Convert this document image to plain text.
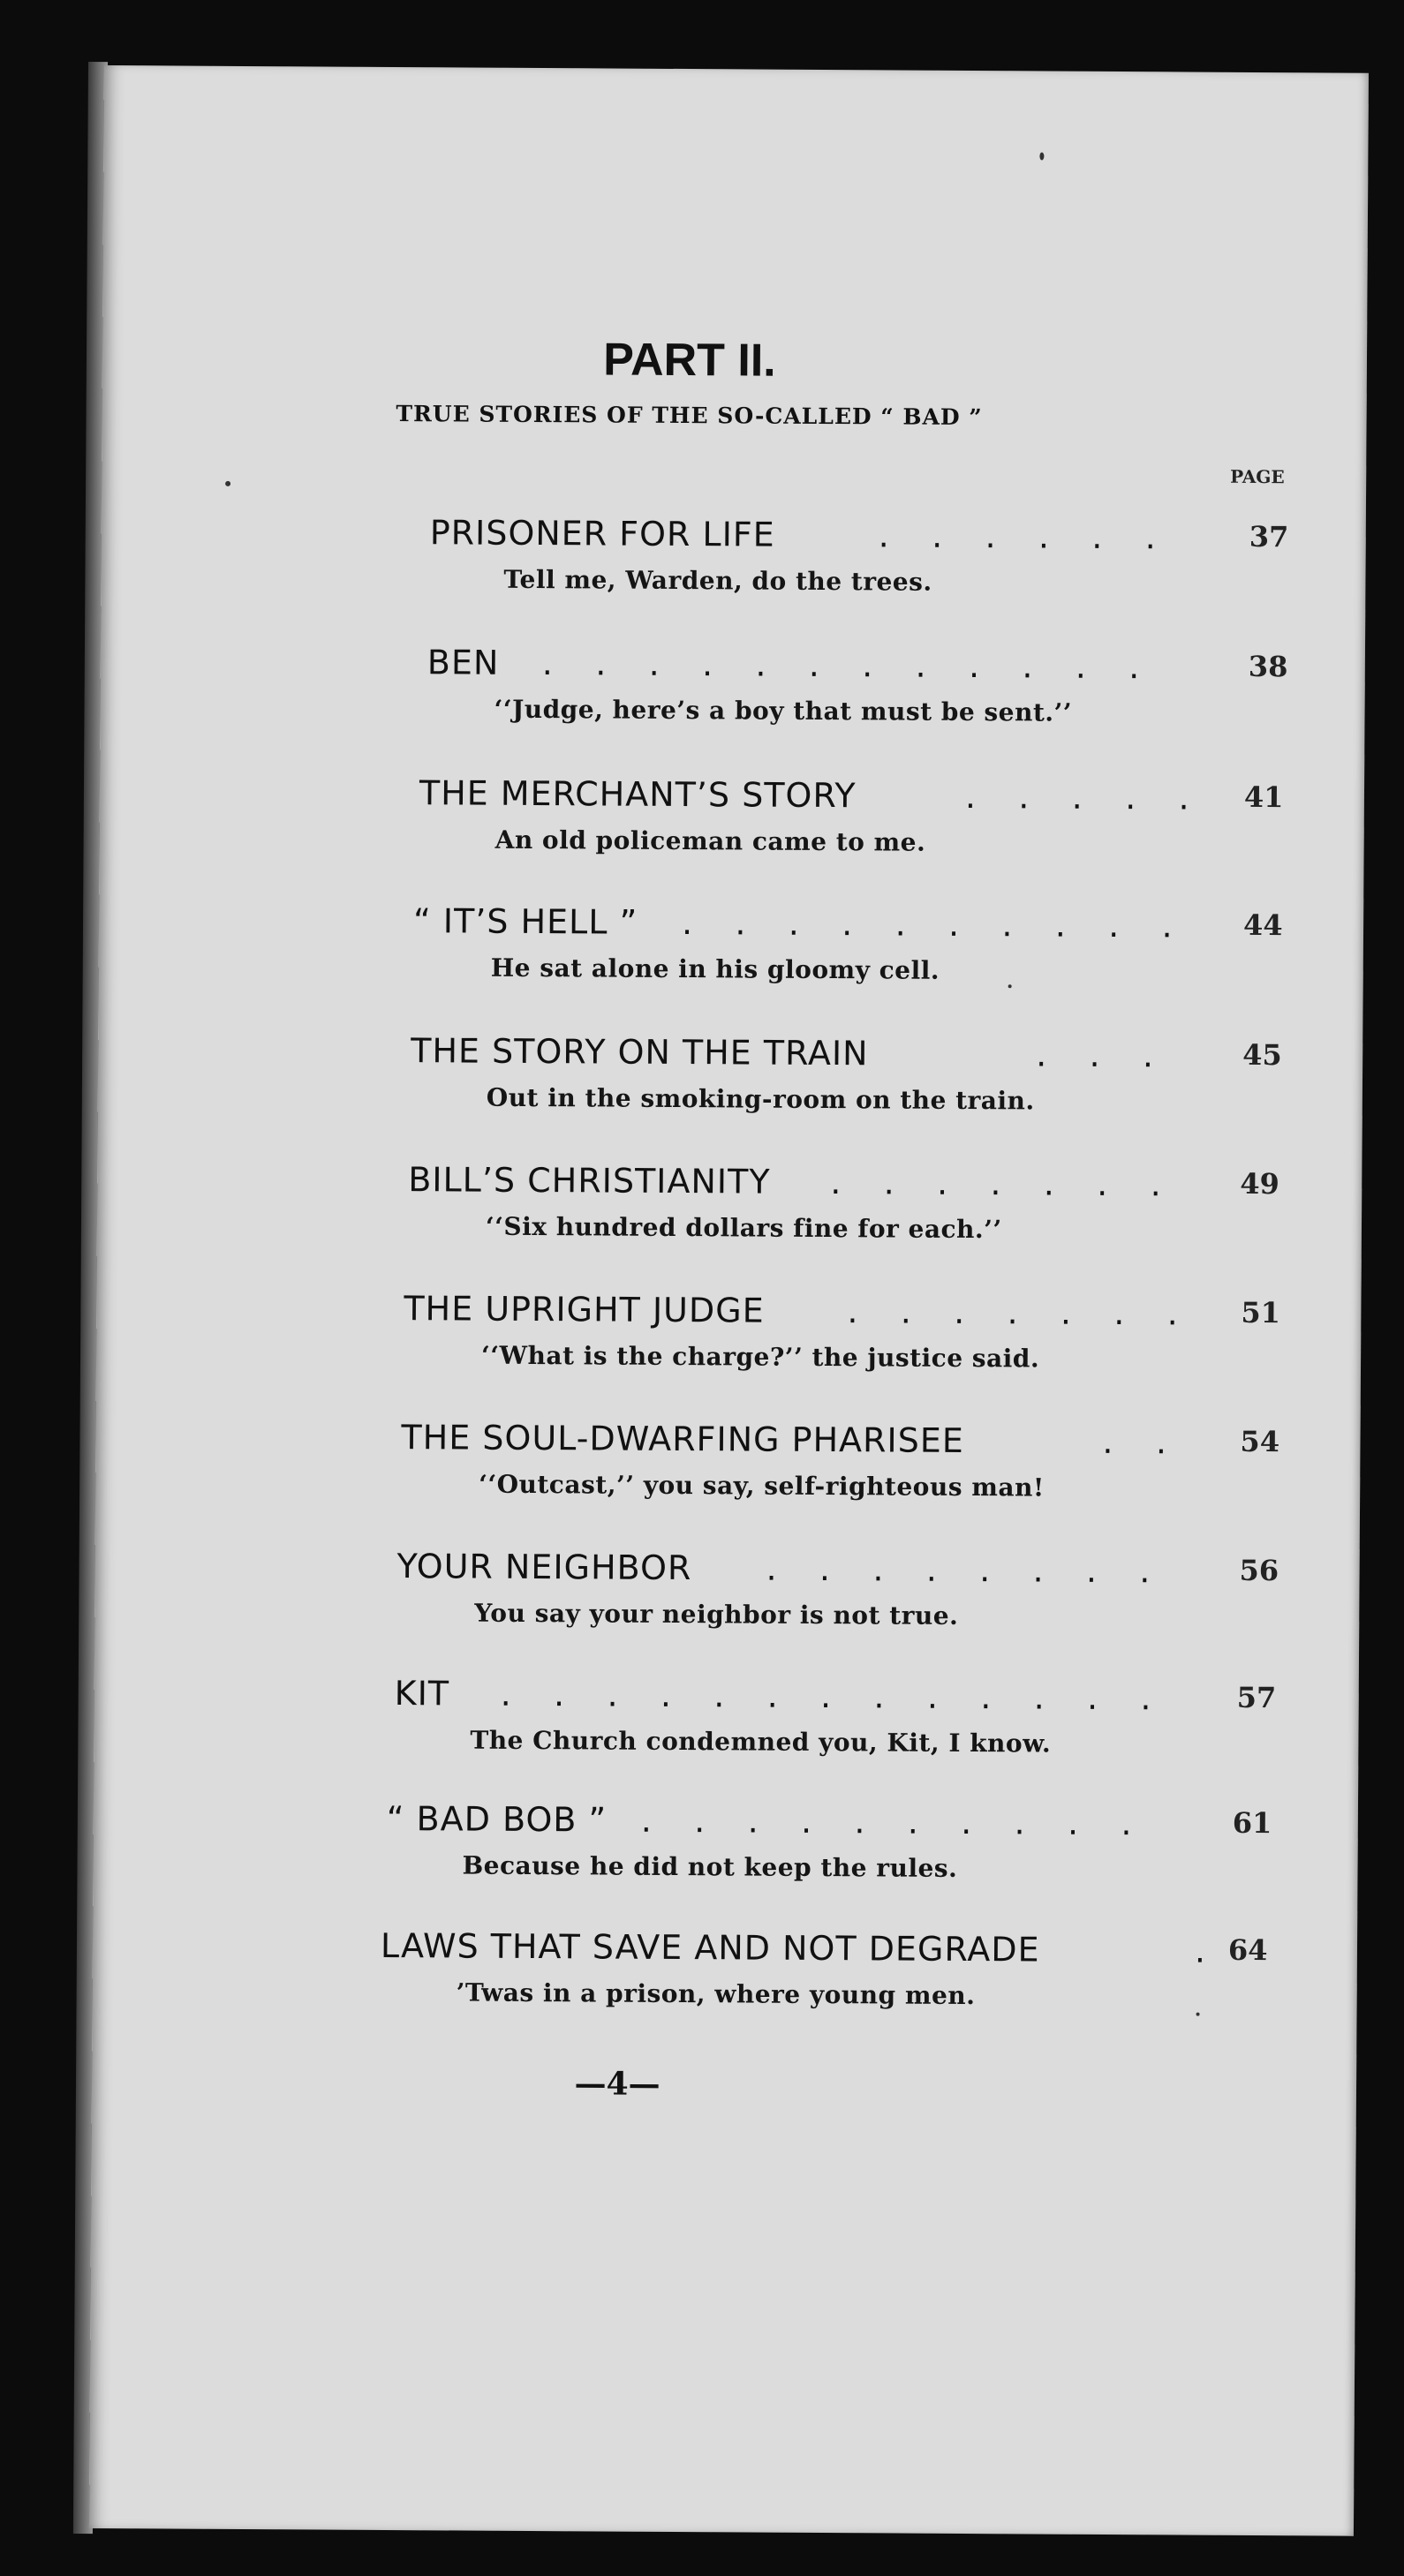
PART II.
TRUE STORIES OF THE SO-CALLED “ BAD ”
PAGE
PRISONER FOR LIFE	.    .    .    .    .    .	37
Tell me, Warden, do the trees.
BEN .    .    .    .    .    .    .    .    .    .    .    .	38
‘‘Judge, here’s a boy that must be sent.’’
THE MERCHANT’S STORY	.    .    .    .    .	41
An old policeman came to me.
“ IT’S HELL ” .    .    .    .    .    .    .    .    .    .	44
He sat alone in his gloomy cell.
THE STORY ON THE TRAIN	.    .    .	45
Out in the smoking-room on the train.
BILL’S CHRISTIANITY .    .    .    .    .    .    .	49
‘‘Six hundred dollars fine for each.’’
THE UPRIGHT JUDGE .    .    .    .    .    .    .	51
‘‘What is the charge?’’ the justice said.
THE SOUL-DWARFING PHARISEE	.    .	54
‘‘Outcast,’’ you say, self-righteous man!
YOUR NEIGHBOR .    .    .    .    .    .    .    .	56
You say your neighbor is not true.
KIT .    .    .    .    .    .    .    .    .    .    .    .    .	57
The Church condemned you, Kit, I know.
“ BAD BOB ” .    .    .    .    .    .    .    .    .    .	61
Because he did not keep the rules.
LAWS THAT SAVE AND NOT DEGRADE	. 64
’Twas in a prison, where young men.
—4—
